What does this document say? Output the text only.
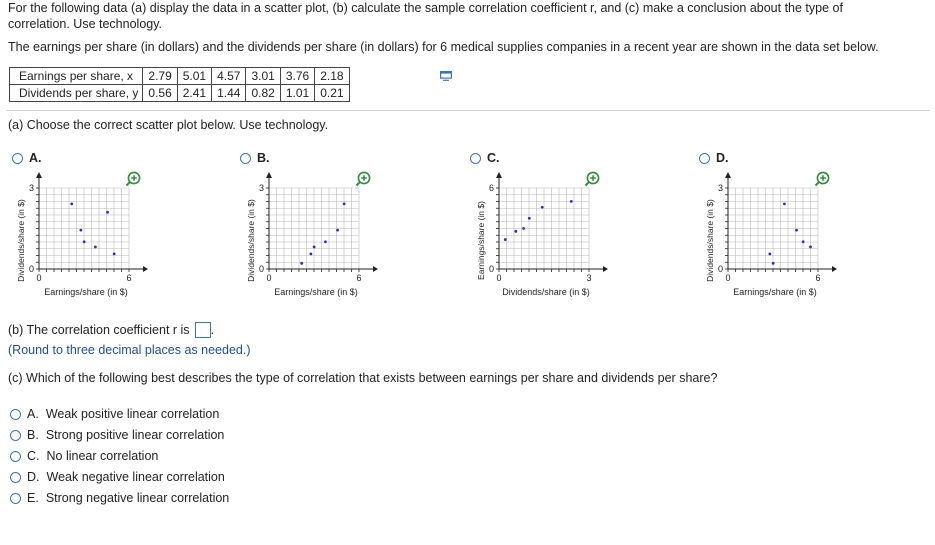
For the following data (a) display the data in a scatter plot, (b) calculate the sample correlation coefficient r, and (c) make a conclusion about the type of
correlation. Use technology.
The earnings per share (in dollars) and the dividends per share (in dollars) for 6 medical supplies companies in a recent year are shown in the data set below.
Earnings per share, x	2.79	5.01	4.57	3.01	3.76	2.18
Dividends per share, y	0.56	2.41	1.44	0.82	1.01	0.21
(a) Choose the correct scatter plot below. Use technology.
A.	B.	C.	D.
0	6
0
3
Earnings/share (in $)
Dividends/share (in $)	0	6
0
3
Earnings/share (in $)
Dividends/share (in $)	0	3
0
6
Dividends/share (in $)
Earnings/share (in $)	0	6
0
3
Earnings/share (in $)
Dividends/share (in $)
(b) The correlation coefficient r is .
(Round to three decimal places as needed.)
(c) Which of the following best describes the type of correlation that exists between earnings per share and dividends per share?
A. Weak positive linear correlation
B. Strong positive linear correlation
C. No linear correlation
D. Weak negative linear correlation
E. Strong negative linear correlation
